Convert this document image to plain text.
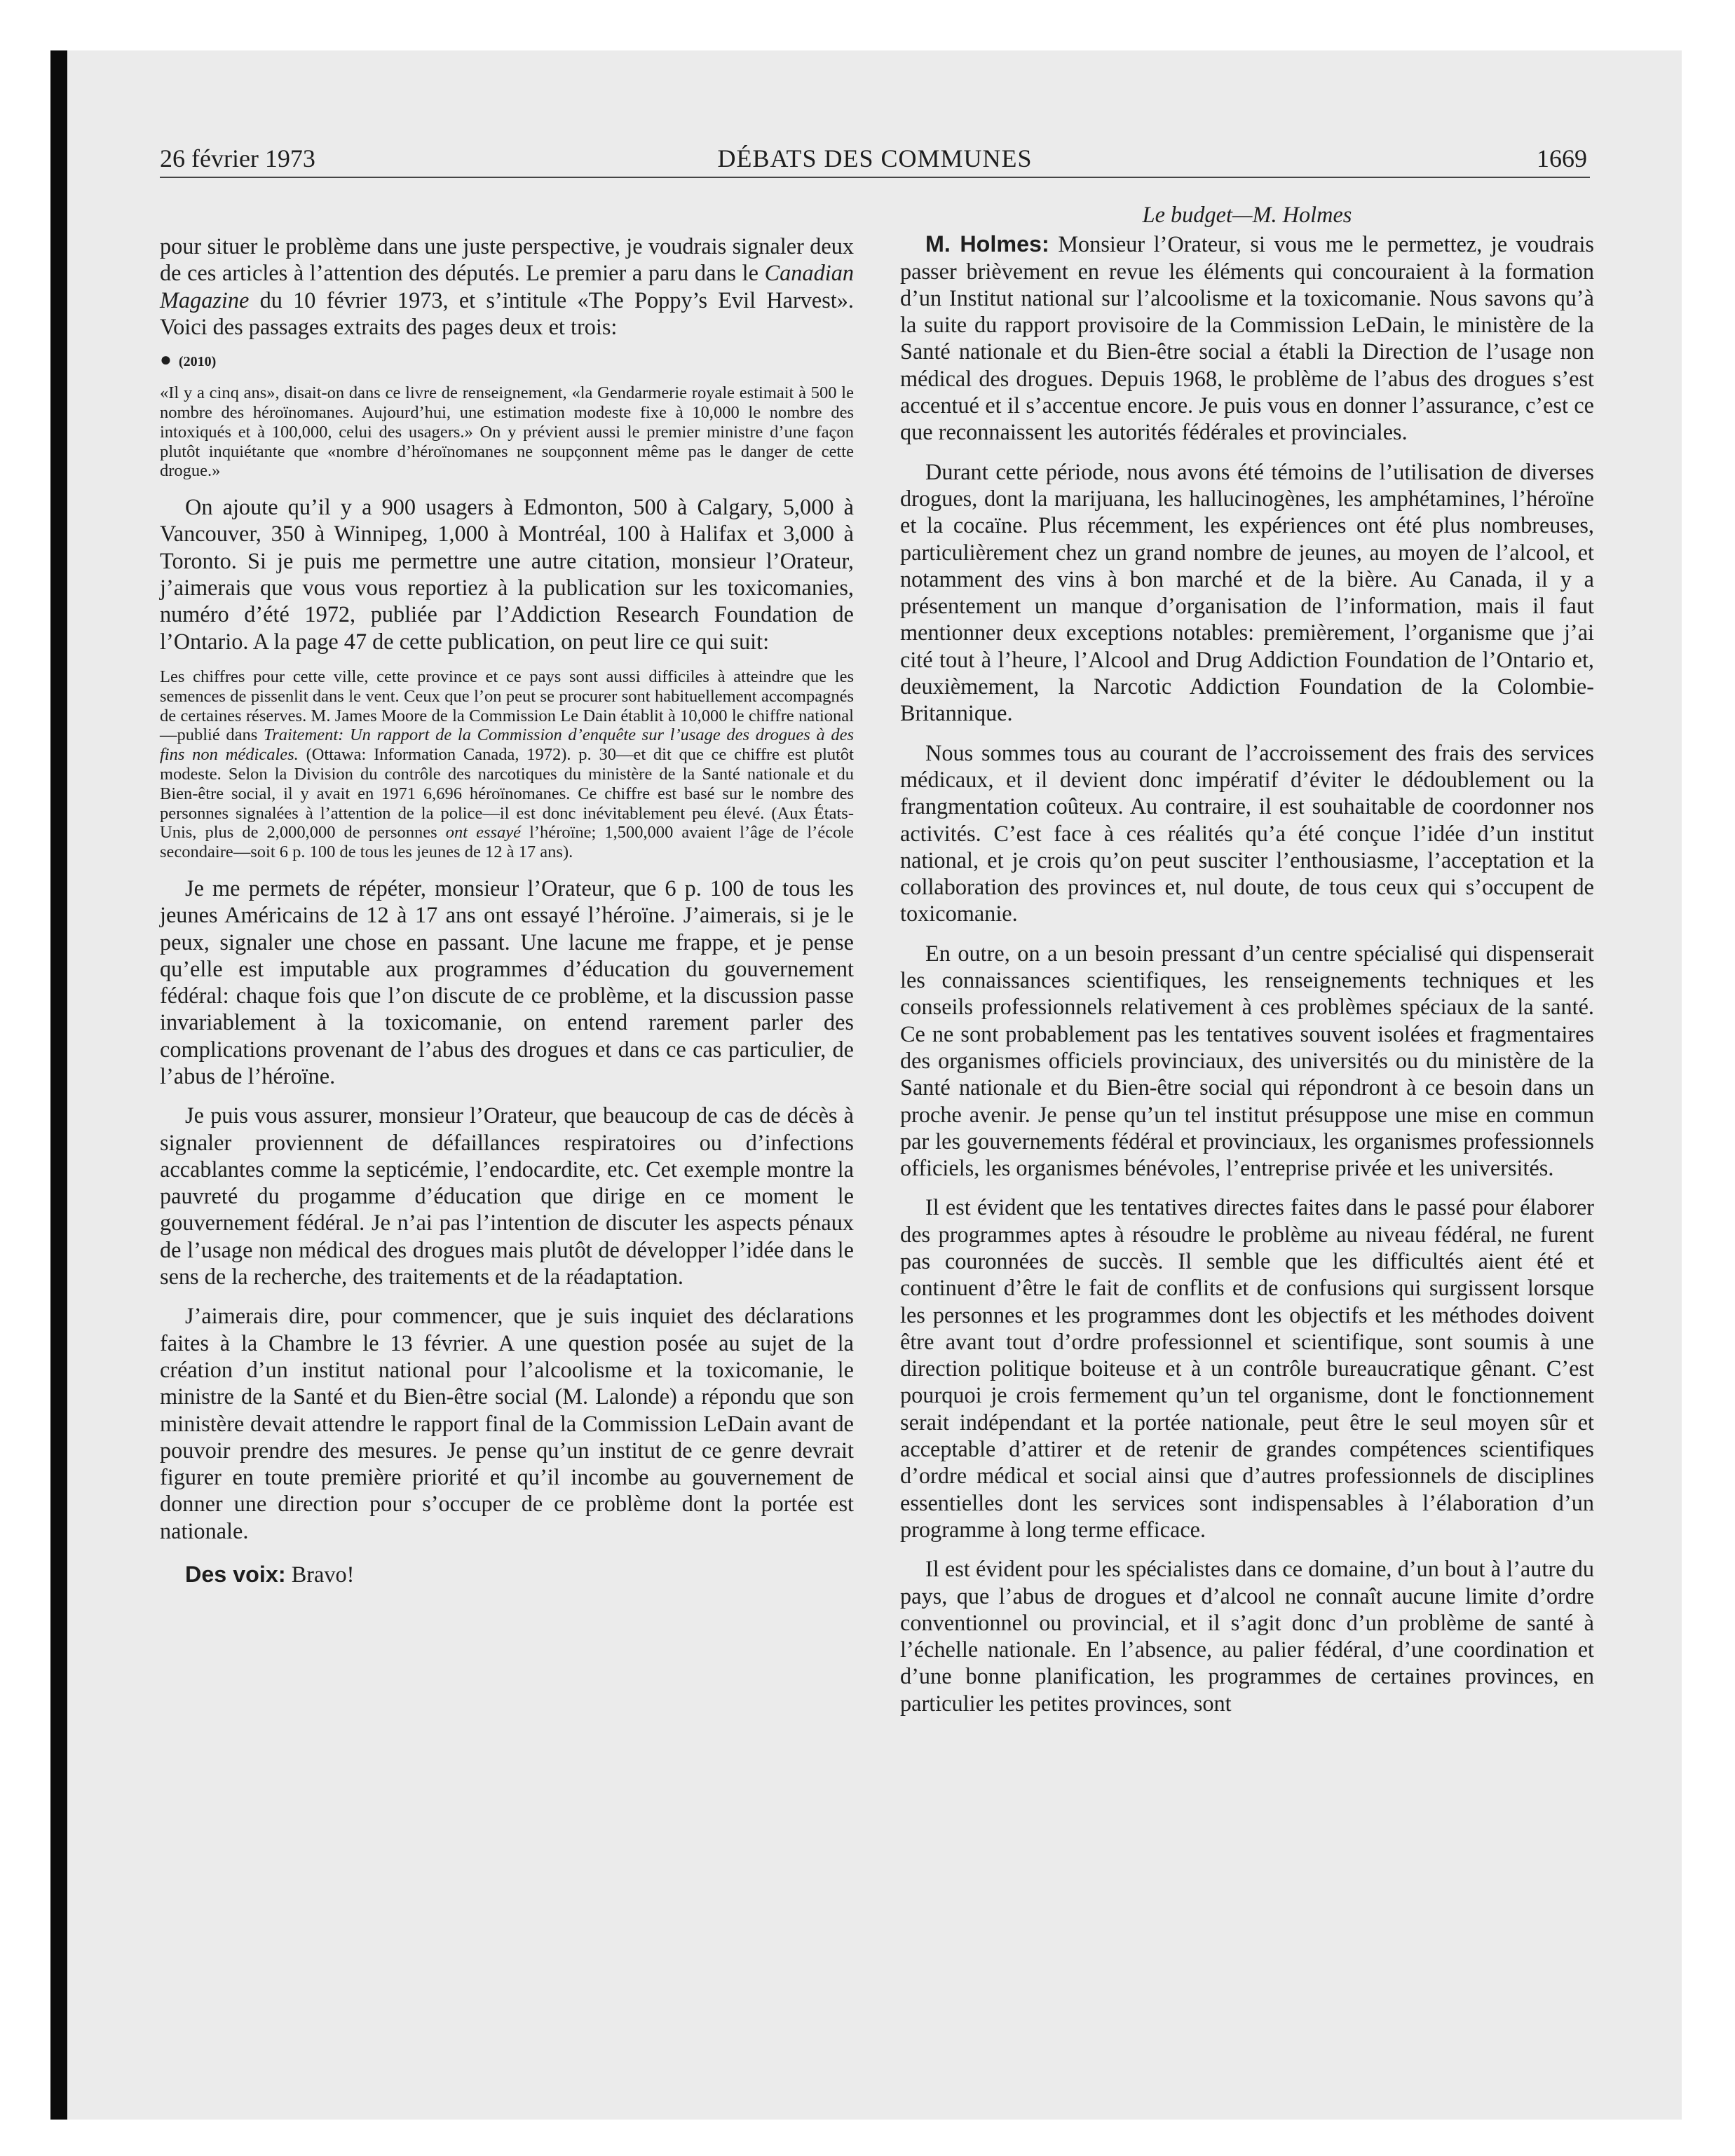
26 février 1973	DÉBATS DES COMMUNES	1669

pour situer le problème dans une juste perspective, je voudrais signaler deux de ces articles à l’attention des députés. Le premier a paru dans le Canadian Magazine du 10 février 1973, et s’intitule «The Poppy’s Evil Harvest». Voici des passages extraits des pages deux et trois:

● (2010)

«Il y a cinq ans», disait-on dans ce livre de renseignement, «la Gendarmerie royale estimait à 500 le nombre des héroïnomanes. Aujourd’hui, une estimation modeste fixe à 10,000 le nombre des intoxiqués et à 100,000, celui des usagers.» On y prévient aussi le premier ministre d’une façon plutôt inquiétante que «nombre d’héroïnomanes ne soupçonnent même pas le danger de cette drogue.»

On ajoute qu’il y a 900 usagers à Edmonton, 500 à Calgary, 5,000 à Vancouver, 350 à Winnipeg, 1,000 à Montréal, 100 à Halifax et 3,000 à Toronto. Si je puis me permettre une autre citation, monsieur l’Orateur, j’aimerais que vous vous reportiez à la publication sur les toxicomanies, numéro d’été 1972, publiée par l’Addiction Research Foundation de l’Ontario. A la page 47 de cette publication, on peut lire ce qui suit:

Les chiffres pour cette ville, cette province et ce pays sont aussi difficiles à atteindre que les semences de pissenlit dans le vent. Ceux que l’on peut se procurer sont habituellement accompagnés de certaines réserves. M. James Moore de la Commission Le Dain établit à 10,000 le chiffre national—publié dans Traitement: Un rapport de la Commission d’enquête sur l’usage des drogues à des fins non médicales. (Ottawa: Information Canada, 1972). p. 30—et dit que ce chiffre est plutôt modeste. Selon la Division du contrôle des narcotiques du ministère de la Santé nationale et du Bien-être social, il y avait en 1971 6,696 héroïnomanes. Ce chiffre est basé sur le nombre des personnes signalées à l’attention de la police—il est donc inévitablement peu élevé. (Aux États-Unis, plus de 2,000,000 de personnes ont essayé l’héroïne; 1,500,000 avaient l’âge de l’école secondaire—soit 6 p. 100 de tous les jeunes de 12 à 17 ans).

Je me permets de répéter, monsieur l’Orateur, que 6 p. 100 de tous les jeunes Américains de 12 à 17 ans ont essayé l’héroïne. J’aimerais, si je le peux, signaler une chose en passant. Une lacune me frappe, et je pense qu’elle est imputable aux programmes d’éducation du gouvernement fédéral: chaque fois que l’on discute de ce problème, et la discussion passe invariablement à la toxicomanie, on entend rarement parler des complications provenant de l’abus des drogues et dans ce cas particulier, de l’abus de l’héroïne.

Je puis vous assurer, monsieur l’Orateur, que beaucoup de cas de décès à signaler proviennent de défaillances respiratoires ou d’infections accablantes comme la septicémie, l’endocardite, etc. Cet exemple montre la pauvreté du progamme d’éducation que dirige en ce moment le gouvernement fédéral. Je n’ai pas l’intention de discuter les aspects pénaux de l’usage non médical des drogues mais plutôt de développer l’idée dans le sens de la recherche, des traitements et de la réadaptation.

J’aimerais dire, pour commencer, que je suis inquiet des déclarations faites à la Chambre le 13 février. A une question posée au sujet de la création d’un institut national pour l’alcoolisme et la toxicomanie, le ministre de la Santé et du Bien-être social (M. Lalonde) a répondu que son ministère devait attendre le rapport final de la Commission LeDain avant de pouvoir prendre des mesures. Je pense qu’un institut de ce genre devrait figurer en toute première priorité et qu’il incombe au gouvernement de donner une direction pour s’occuper de ce problème dont la portée est nationale.

Des voix: Bravo!

Le budget—M. Holmes

M. Holmes: Monsieur l’Orateur, si vous me le permettez, je voudrais passer brièvement en revue les éléments qui concouraient à la formation d’un Institut national sur l’alcoolisme et la toxicomanie. Nous savons qu’à la suite du rapport provisoire de la Commission LeDain, le ministère de la Santé nationale et du Bien-être social a établi la Direction de l’usage non médical des drogues. Depuis 1968, le problème de l’abus des drogues s’est accentué et il s’accentue encore. Je puis vous en donner l’assurance, c’est ce que reconnaissent les autorités fédérales et provinciales.

Durant cette période, nous avons été témoins de l’utilisation de diverses drogues, dont la marijuana, les hallucinogènes, les amphétamines, l’héroïne et la cocaïne. Plus récemment, les expériences ont été plus nombreuses, particulièrement chez un grand nombre de jeunes, au moyen de l’alcool, et notamment des vins à bon marché et de la bière. Au Canada, il y a présentement un manque d’organisation de l’information, mais il faut mentionner deux exceptions notables: premièrement, l’organisme que j’ai cité tout à l’heure, l’Alcool and Drug Addiction Foundation de l’Ontario et, deuxièmement, la Narcotic Addiction Foundation de la Colombie-Britannique.

Nous sommes tous au courant de l’accroissement des frais des services médicaux, et il devient donc impératif d’éviter le dédoublement ou la frangmentation coûteux. Au contraire, il est souhaitable de coordonner nos activités. C’est face à ces réalités qu’a été conçue l’idée d’un institut national, et je crois qu’on peut susciter l’enthousiasme, l’acceptation et la collaboration des provinces et, nul doute, de tous ceux qui s’occupent de toxicomanie.

En outre, on a un besoin pressant d’un centre spécialisé qui dispenserait les connaissances scientifiques, les renseignements techniques et les conseils professionnels relativement à ces problèmes spéciaux de la santé. Ce ne sont probablement pas les tentatives souvent isolées et fragmentaires des organismes officiels provinciaux, des universités ou du ministère de la Santé nationale et du Bien-être social qui répondront à ce besoin dans un proche avenir. Je pense qu’un tel institut présuppose une mise en commun par les gouvernements fédéral et provinciaux, les organismes professionnels officiels, les organismes bénévoles, l’entreprise privée et les universités.

Il est évident que les tentatives directes faites dans le passé pour élaborer des programmes aptes à résoudre le problème au niveau fédéral, ne furent pas couronnées de succès. Il semble que les difficultés aient été et continuent d’être le fait de conflits et de confusions qui surgissent lorsque les personnes et les programmes dont les objectifs et les méthodes doivent être avant tout d’ordre professionnel et scientifique, sont soumis à une direction politique boiteuse et à un contrôle bureaucratique gênant. C’est pourquoi je crois fermement qu’un tel organisme, dont le fonctionnement serait indépendant et la portée nationale, peut être le seul moyen sûr et acceptable d’attirer et de retenir de grandes compétences scientifiques d’ordre médical et social ainsi que d’autres professionnels de disciplines essentielles dont les services sont indispensables à l’élaboration d’un programme à long terme efficace.

Il est évident pour les spécialistes dans ce domaine, d’un bout à l’autre du pays, que l’abus de drogues et d’alcool ne connaît aucune limite d’ordre conventionnel ou provincial, et il s’agit donc d’un problème de santé à l’échelle nationale. En l’absence, au palier fédéral, d’une coordination et d’une bonne planification, les programmes de certaines provinces, en particulier les petites provinces, sont
